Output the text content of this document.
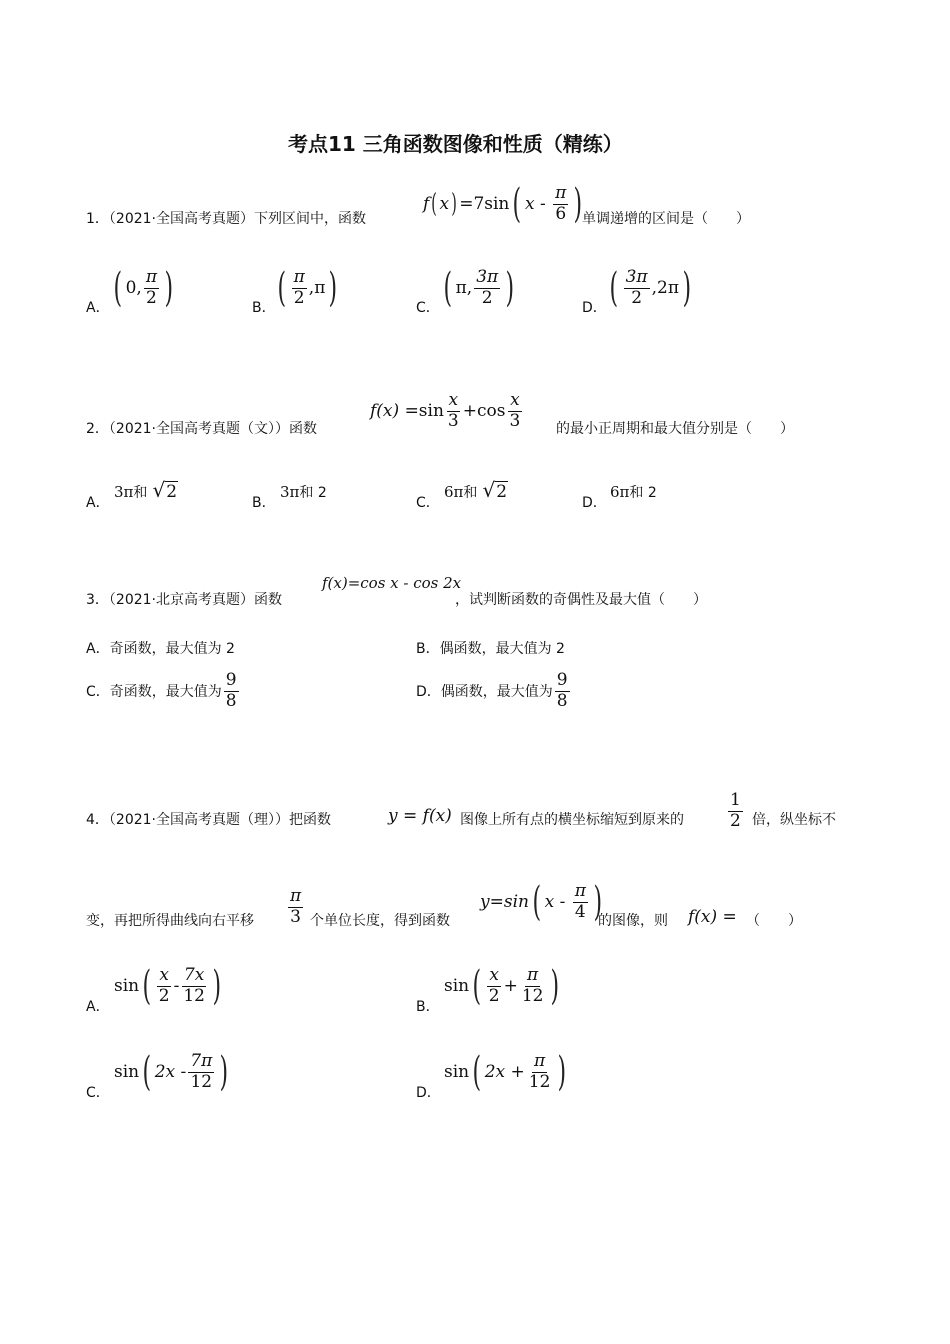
考点11 三角函数图像和性质（精练）
1．（2021·全国高考真题）下列区间中，函数
f ( x ) =7sin ( x - $\frac{\pi}{6}$ ) 单调递增的区间是（　　）
A． ( 0, $\frac{\pi}{2}$ )	B． ( $\frac{\pi}{2} ,\pi$ )	C． ( π, $\frac{3\pi}{2}$ )	D． ( $\frac{3\pi}{2} ,2\pi$ )
2．（2021·全国高考真题（文））函数
f(x)
$=\sin \frac{x}{3} +\cos \frac{x}{3}$ 的最小正周期和最大值分别是（　　）
A．
3π和 √ 2
B．
3π和 2
C．
6π和 √ 2
D．
6π和 2
3．（2021·北京高考真题）函数
f(x)=cos x - cos 2x
，试判断函数的奇偶性及最大值（　　）
A．奇函数，最大值为 2	B．偶函数，最大值为 2
C． 奇函数，最大值为 $\frac{9}{8}$	D． 偶函数，最大值为 $\frac{9}{8}$
4．（2021·全国高考真题（理））把函数	y = f(x) 图像上所有点的横坐标缩短到原来的	$\frac{1}{2}$ 倍，纵坐标不
变，再把所得曲线向右平移 $\frac{\pi}{3}$ 个单位长度，得到函数
y=sin ( x - $\frac{\pi}{4}$ )
的图像，则 f(x) = （　　）
A．
sin ( $\frac{x}{2} - \frac{7x}{12}$ )	B．
sin ( $\frac{x}{2} + \frac{\pi}{12}$ )
C．
sin ( 2x
- $\frac{7\pi}{12}$ )	D．
sin ( 2x
+ $\frac{\pi}{12}$ )
